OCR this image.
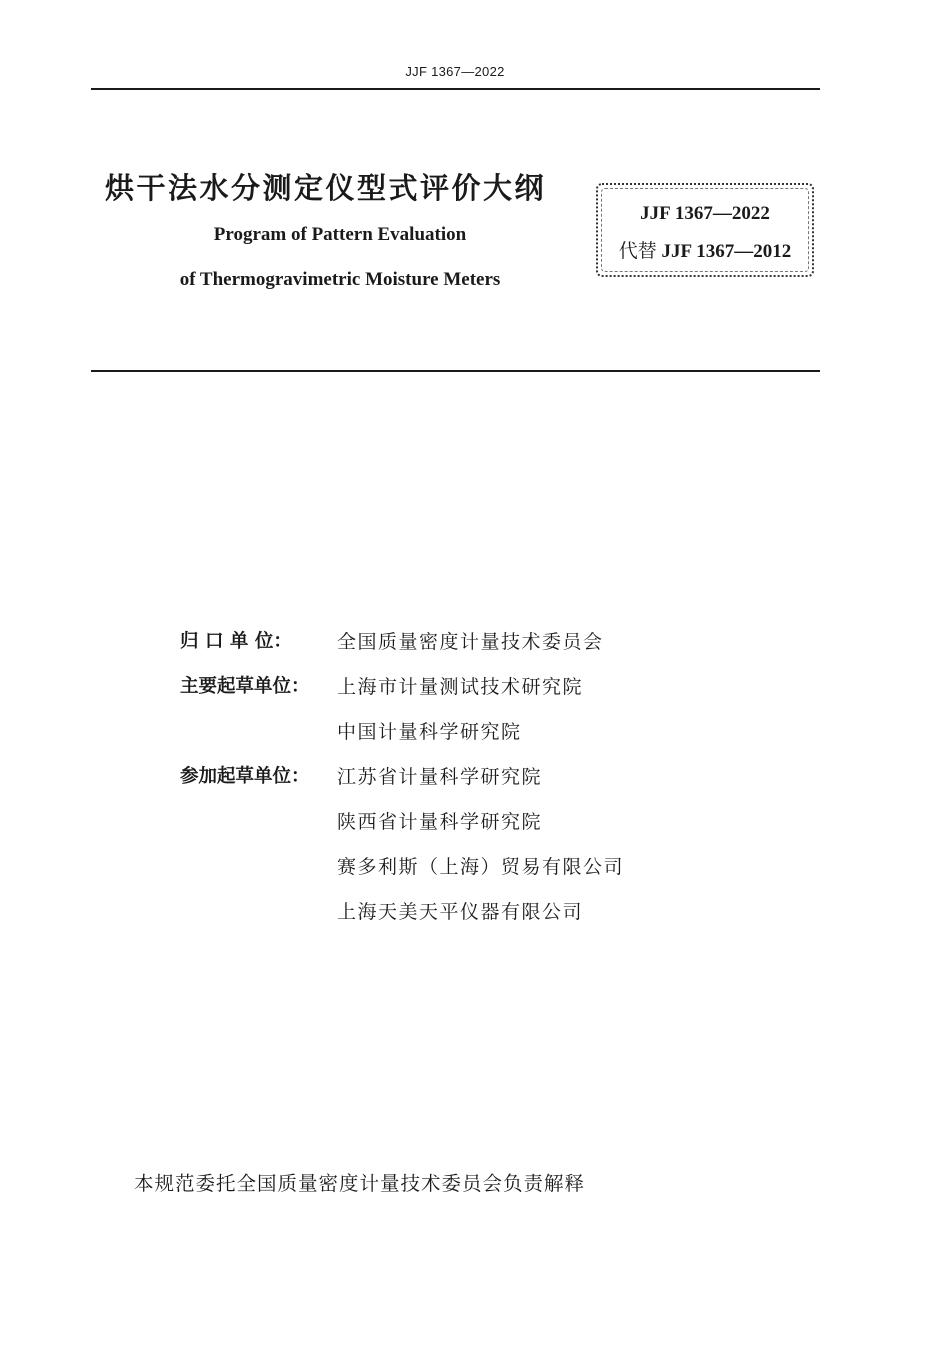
JJF 1367—2022
烘干法水分测定仪型式评价大纲
Program of Pattern Evaluation
of Thermogravimetric Moisture Meters
JJF 1367—2022
代替 JJF 1367—2012
归 口 单 位：	全国质量密度计量技术委员会
主要起草单位：	上海市计量测试技术研究院
中国计量科学研究院
参加起草单位：	江苏省计量科学研究院
陕西省计量科学研究院
赛多利斯（上海）贸易有限公司
上海天美天平仪器有限公司
本规范委托全国质量密度计量技术委员会负责解释
